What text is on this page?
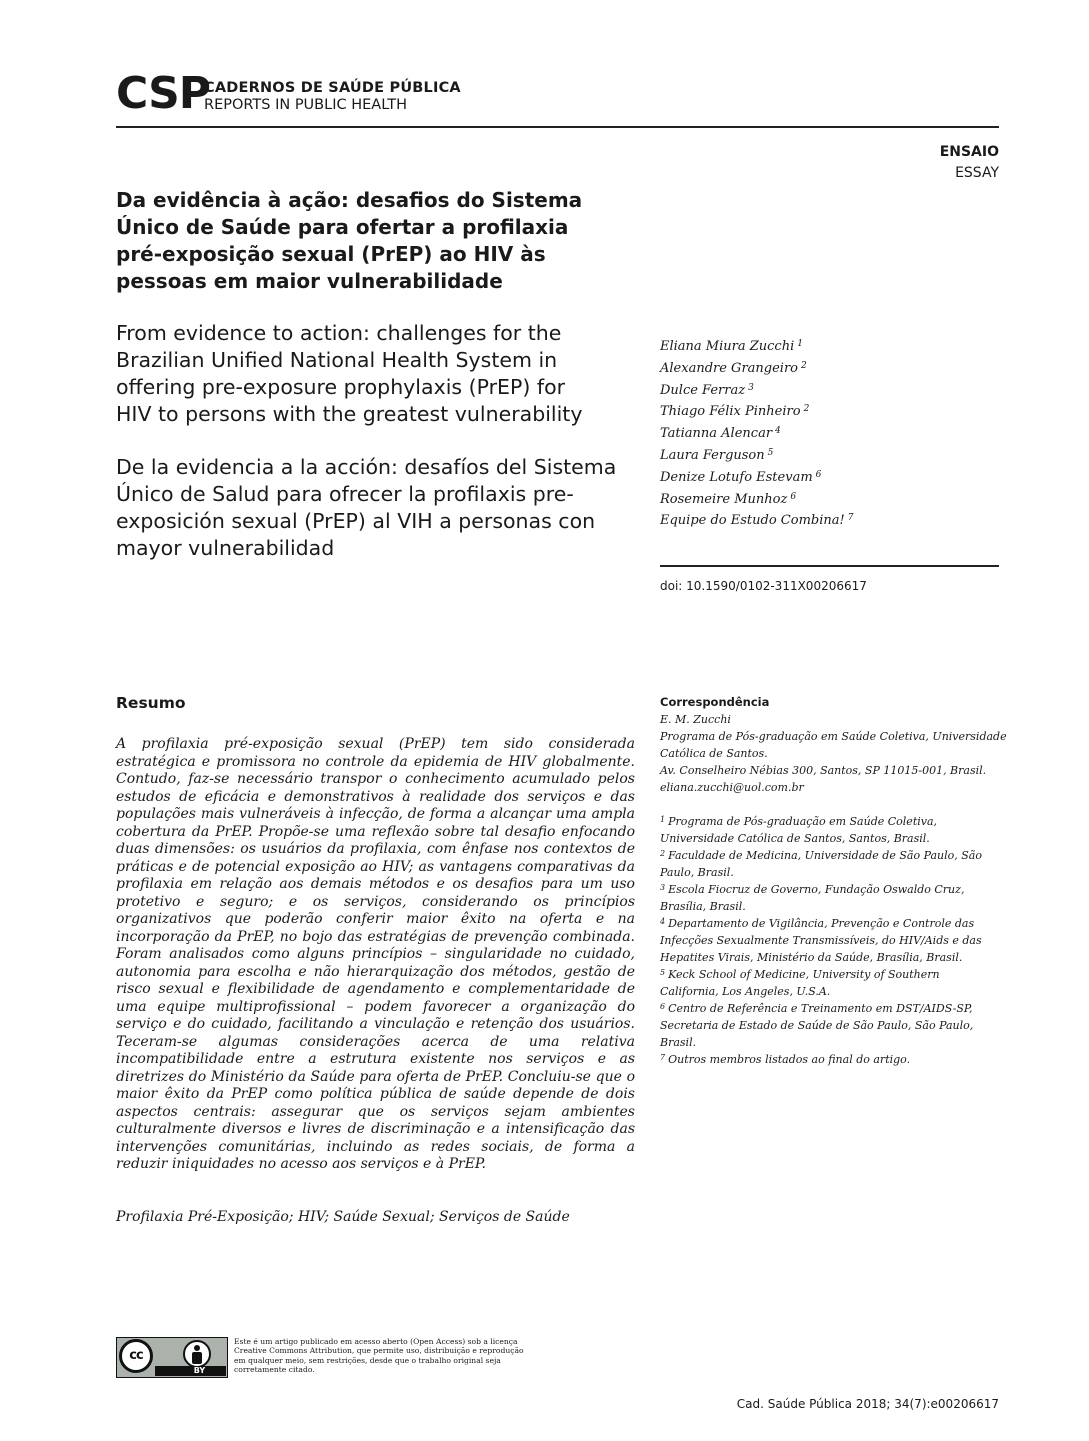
CSP
CADERNOS DE SAÚDE PÚBLICA
REPORTS IN PUBLIC HEALTH
ENSAIO
ESSAY
Da evidência à ação: desafios do Sistema Único de Saúde para ofertar a profilaxia pré-exposição sexual (PrEP) ao HIV às pessoas em maior vulnerabilidade
From evidence to action: challenges for the Brazilian Unified National Health System in offering pre-exposure prophylaxis (PrEP) for HIV to persons with the greatest vulnerability
De la evidencia a la acción: desafíos del Sistema Único de Salud para ofrecer la profilaxis pre-exposición sexual (PrEP) al VIH a personas con mayor vulnerabilidad
Eliana Miura Zucchi $^1$
Alexandre Grangeiro $^2$
Dulce Ferraz $^3$
Thiago Félix Pinheiro $^2$
Tatianna Alencar $^4$
Laura Ferguson $^5$
Denize Lotufo Estevam $^6$
Rosemeire Munhoz $^6$
Equipe do Estudo Combina! $^7$
doi: 10.1590/0102-311X00206617
Resumo
A profilaxia pré-exposição sexual (PrEP) tem sido considerada estratégica e promissora no controle da epidemia de HIV globalmente. Contudo, faz-se necessário transpor o conhecimento acumulado pelos estudos de eficácia e demonstrativos à realidade dos serviços e das populações mais vulneráveis à infecção, de forma a alcançar uma ampla cobertura da PrEP. Propõe-se uma reflexão sobre tal desafio enfocando duas dimensões: os usuários da profilaxia, com ênfase nos contextos de práticas e de potencial exposição ao HIV; as vantagens comparativas da profilaxia em relação aos demais métodos e os desafios para um uso protetivo e seguro; e os serviços, considerando os princípios organizativos que poderão conferir maior êxito na oferta e na incorporação da PrEP, no bojo das estratégias de prevenção combinada. Foram analisados como alguns princípios – singularidade no cuidado, autonomia para escolha e não hierarquização dos métodos, gestão de risco sexual e flexibilidade de agendamento e complementaridade de uma equipe multiprofissional – podem favorecer a organização do serviço e do cuidado, facilitando a vinculação e retenção dos usuários. Teceram-se algumas considerações acerca de uma relativa incompatibilidade entre a estrutura existente nos serviços e as diretrizes do Ministério da Saúde para oferta de PrEP. Concluiu-se que o maior êxito da PrEP como política pública de saúde depende de dois aspectos centrais: assegurar que os serviços sejam ambientes culturalmente diversos e livres de discriminação e a intensificação das intervenções comunitárias, incluindo as redes sociais, de forma a reduzir iniquidades no acesso aos serviços e à PrEP.
Profilaxia Pré-Exposição; HIV; Saúde Sexual; Serviços de Saúde
Correspondência
E. M. Zucchi
Programa de Pós-graduação em Saúde Coletiva, Universidade
Católica de Santos.
Av. Conselheiro Nébias 300, Santos, SP 11015-001, Brasil.
eliana.zucchi@uol.com.br
$^1$ Programa de Pós-graduação em Saúde Coletiva, Universidade Católica de Santos, Santos, Brasil.
$^2$ Faculdade de Medicina, Universidade de São Paulo, São Paulo, Brasil.
$^3$ Escola Fiocruz de Governo, Fundação Oswaldo Cruz, Brasília, Brasil.
$^4$ Departamento de Vigilância, Prevenção e Controle das Infecções Sexualmente Transmissíveis, do HIV/Aids e das Hepatites Virais, Ministério da Saúde, Brasília, Brasil.
$^5$ Keck School of Medicine, University of Southern California, Los Angeles, U.S.A.
$^6$ Centro de Referência e Treinamento em DST/AIDS-SP, Secretaria de Estado de Saúde de São Paulo, São Paulo, Brasil.
$^7$ Outros membros listados ao final do artigo.
cc
BY
Este é um artigo publicado em acesso aberto (Open Access) sob a licença Creative Commons Attribution, que permite uso, distribuição e reprodução em qualquer meio, sem restrições, desde que o trabalho original seja corretamente citado.
Cad. Saúde Pública 2018; 34(7):e00206617
